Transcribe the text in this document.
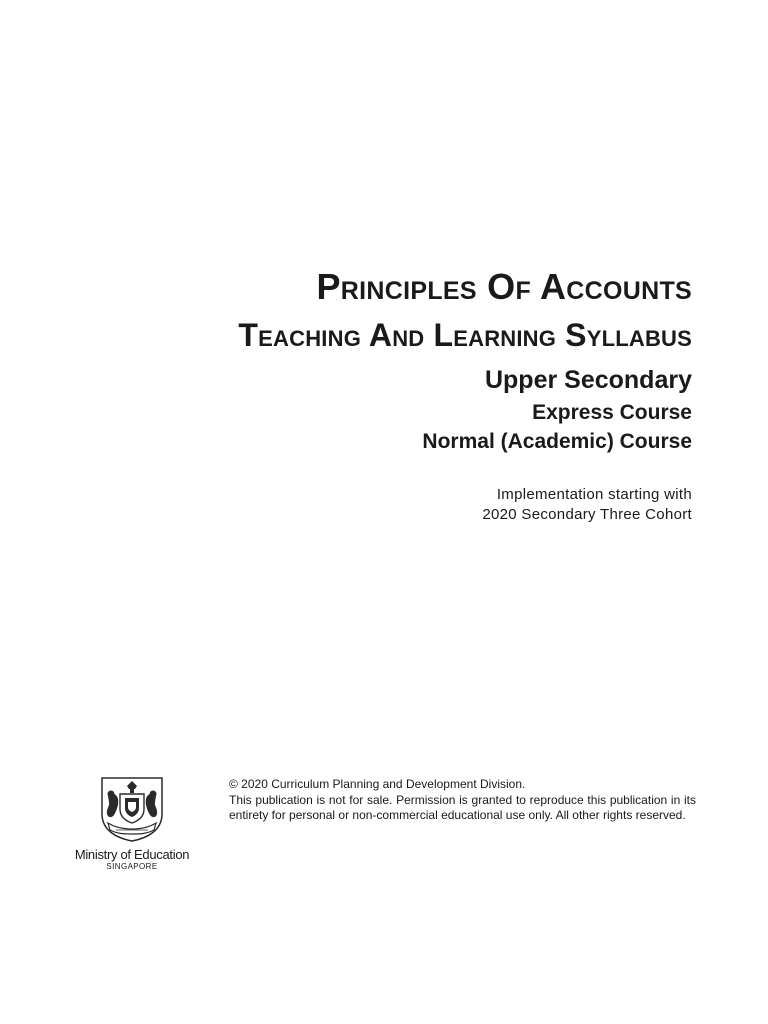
Principles Of Accounts
Teaching And Learning Syllabus

Upper Secondary

Express Course

Normal (Academic) Course

Implementation starting with

2020 Secondary Three Cohort

Ministry of Education
SINGAPORE

© 2020 Curriculum Planning and Development Division.

This publication is not for sale. Permission is granted to reproduce this publication in its entirety for personal or non-commercial educational use only. All other rights reserved.
